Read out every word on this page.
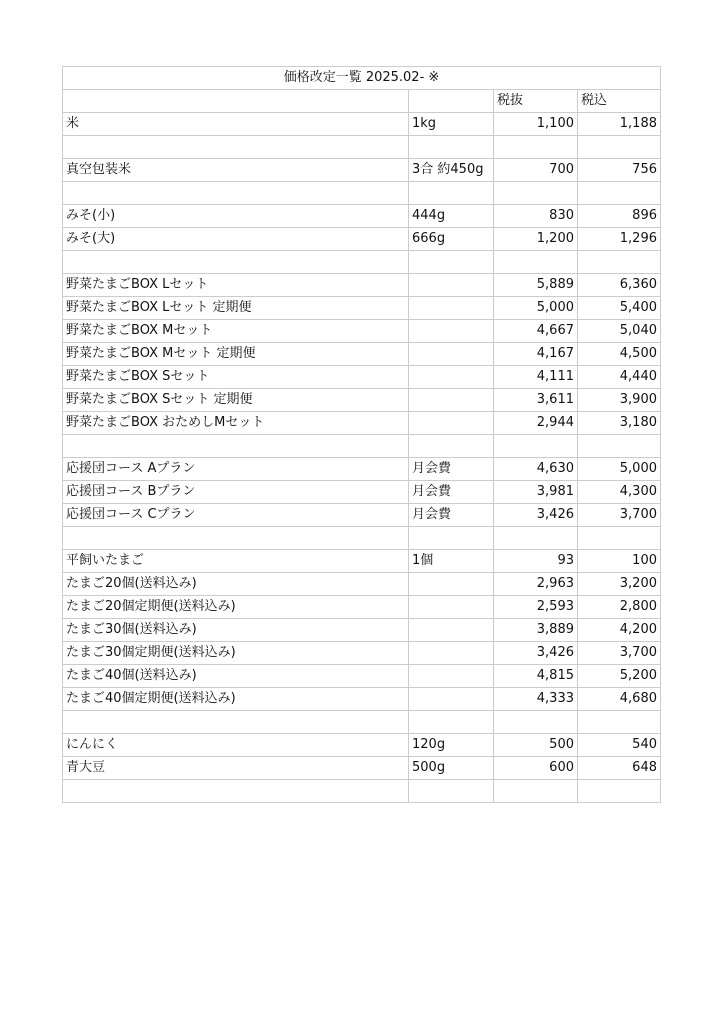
価格改定一覧 2025.02- ※			
		税抜	税込
米	1kg	1,100	1,188

真空包装米	3合 約450g	700	756

みそ(小)	444g	830	896
みそ(大)	666g	1,200	1,296

野菜たまごBOX Lセット		5,889	6,360
野菜たまごBOX Lセット 定期便		5,000	5,400
野菜たまごBOX Mセット		4,667	5,040
野菜たまごBOX Mセット 定期便		4,167	4,500
野菜たまごBOX Sセット		4,111	4,440
野菜たまごBOX Sセット 定期便		3,611	3,900
野菜たまごBOX おためしMセット		2,944	3,180

応援団コース Aプラン	月会費	4,630	5,000
応援団コース Bプラン	月会費	3,981	4,300
応援団コース Cプラン	月会費	3,426	3,700

平飼いたまご	1個	93	100
たまご20個(送料込み)		2,963	3,200
たまご20個定期便(送料込み)		2,593	2,800
たまご30個(送料込み)		3,889	4,200
たまご30個定期便(送料込み)		3,426	3,700
たまご40個(送料込み)		4,815	5,200
たまご40個定期便(送料込み)		4,333	4,680

にんにく	120g	500	540
青大豆	500g	600	648
